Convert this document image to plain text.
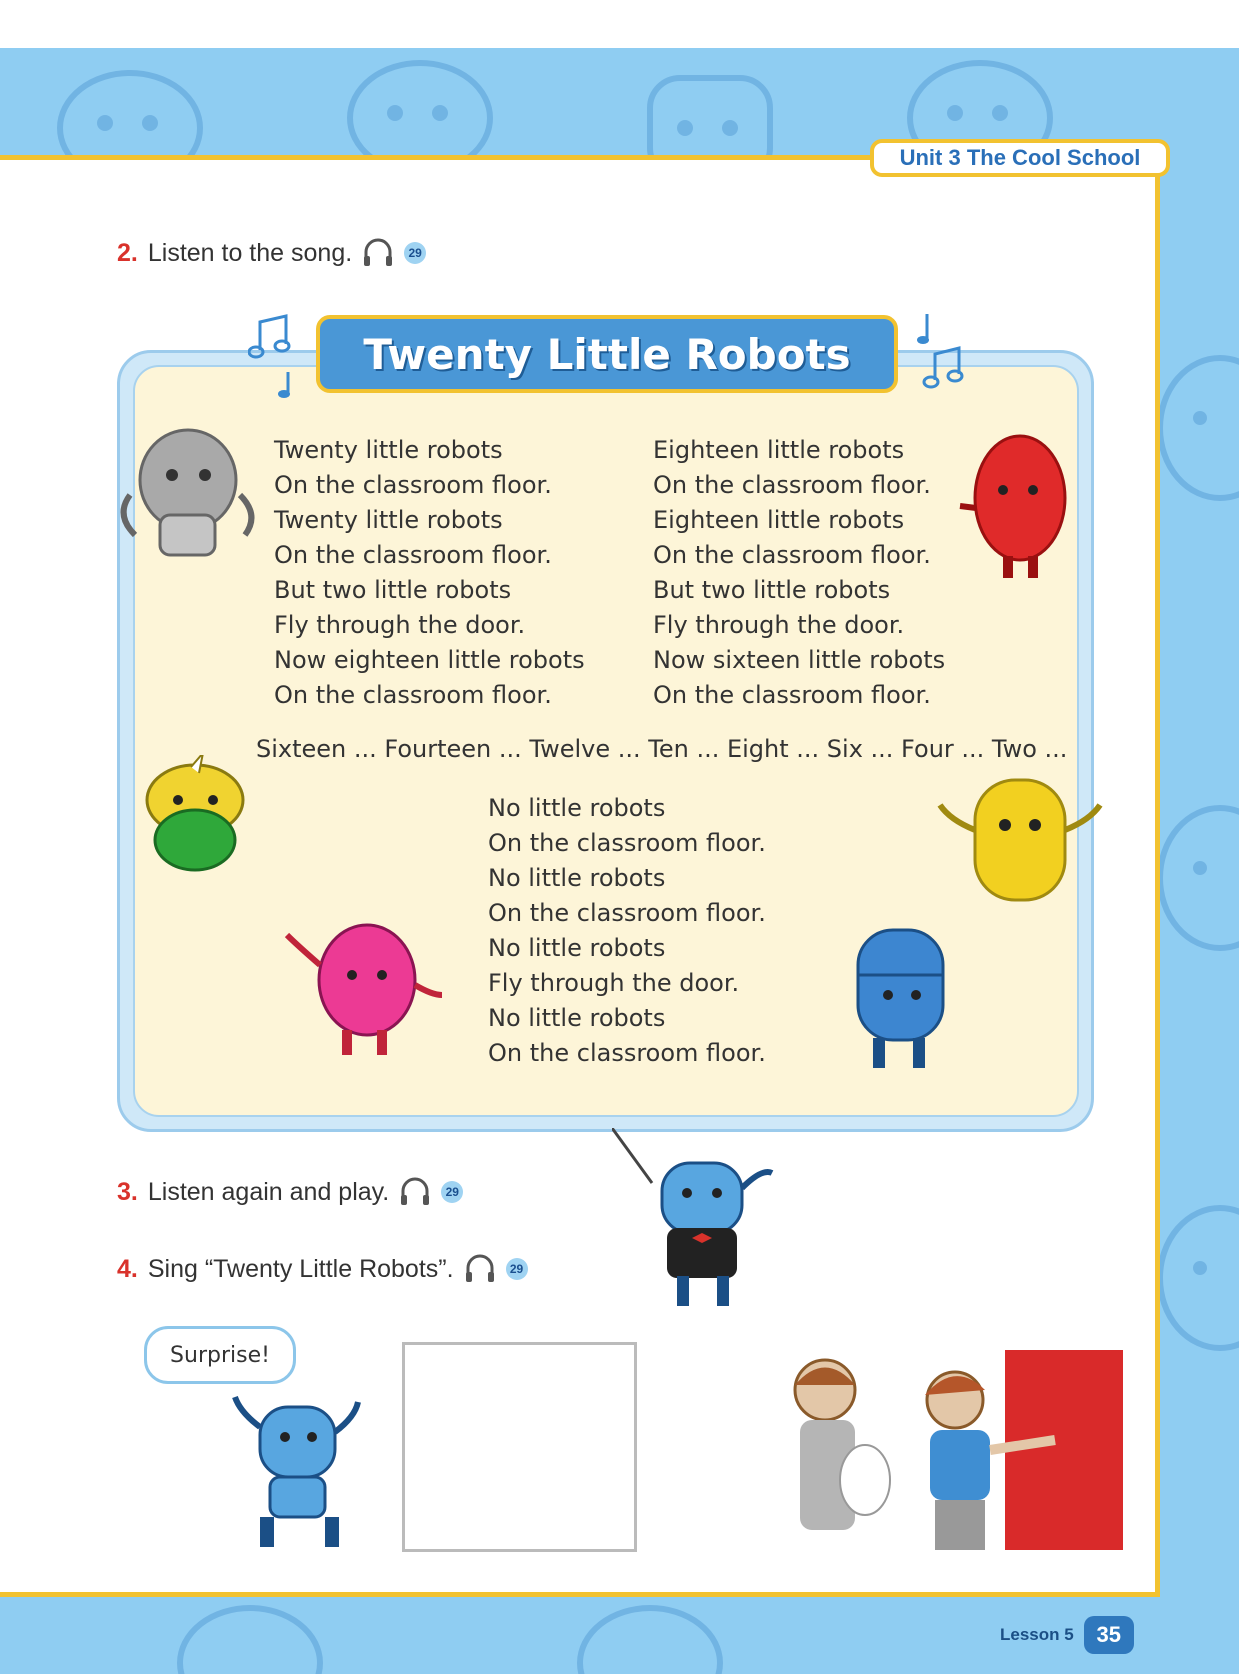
Unit 3 The Cool School
2. Listen to the song.	29
Twenty Little Robots
Twenty little robots
On the classroom floor.
Twenty little robots
On the classroom floor.
But two little robots
Fly through the door.
Now eighteen little robots
On the classroom floor.
Eighteen little robots
On the classroom floor.
Eighteen little robots
On the classroom floor.
But two little robots
Fly through the door.
Now sixteen little robots
On the classroom floor.
Sixteen ... Fourteen ... Twelve ... Ten ... Eight ... Six ... Four ... Two ...
No little robots
On the classroom floor.
No little robots
On the classroom floor.
No little robots
Fly through the door.
No little robots
On the classroom floor.
3. Listen again and play.	29
4. Sing “Twenty Little Robots”.	29
Surprise!
Lesson 5	35
